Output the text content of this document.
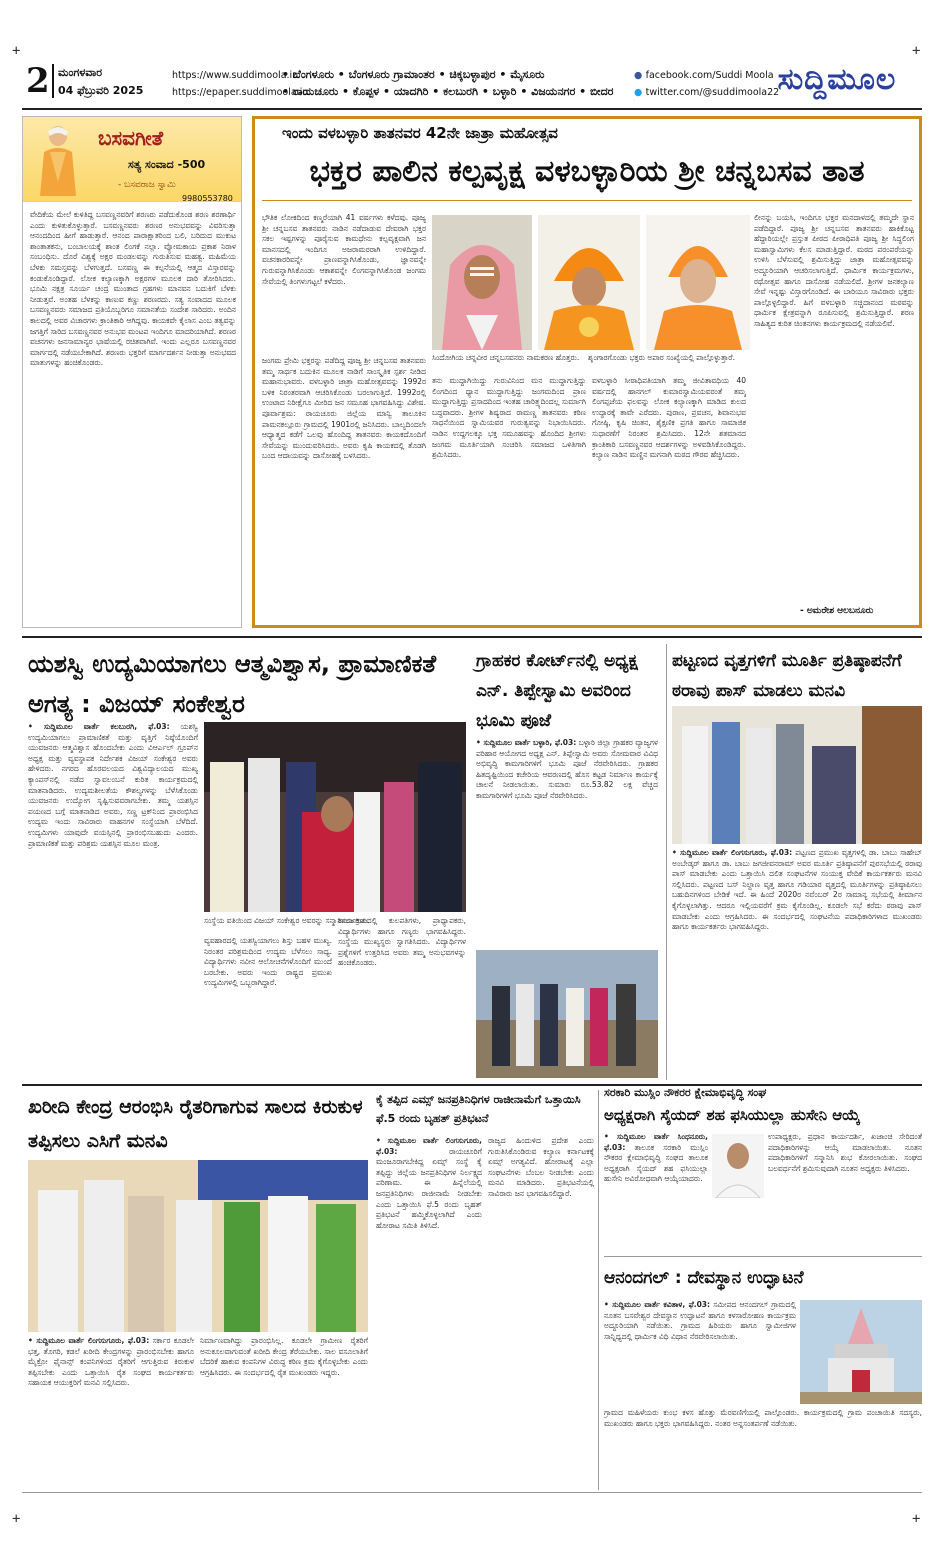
+	+
+	+
2 ಮಂಗಳವಾರ
04 ಫೆಬ್ರುವರಿ 2025
https://www.suddimoola.in
https://epaper.suddimoola.in
• ಬೆಂಗಳೂರು • ಬೆಂಗಳೂರು ಗ್ರಾಮಾಂತರ • ಚಿಕ್ಕಬಳ್ಳಾಪುರ • ಮೈಸೂರು
• ರಾಯಚೂರು • ಕೊಪ್ಪಳ • ಯಾದಗಿರಿ • ಕಲಬುರಗಿ • ಬಳ್ಳಾರಿ • ವಿಜಯನಗರ • ಬೀದರ
● facebook.com/Suddi Moola
● twitter.com/@suddimoola22
ಸುದ್ದಿಮೂಲ
ಬಸವಗೀತೆ
ಸತ್ಯ ಸಂವಾದ -500
- ಬಸವರಾಜ ಸ್ವಾಮಿ
9980553780
ವೇದಿಕೆಯ ಮೇಲೆ ಕುಳಿತಿದ್ದ ಬಸವಣ್ಣನವರಿಗೆ ಶರಣರು ಪಡೆದುಕೊಂಡ ಶರಣ ಶರಣಾರ್ಥಿ ಎಂದು ಕುಳಿತುಕೊಳ್ಳುತ್ತಾರೆ. ಬಸವಣ್ಣನವರು ಶರಣರ ಅನುಭವವನ್ನು ವಿವರಿಸುತ್ತಾ ಆನಂದದಿಂದ ಹೀಗೆ ಹಾಡುತ್ತಾರೆ. ಆನಂದ ಪಾರಾಕ್ಷಾತರಿಂದ ಬಲಿ, ಬರಿದುದ ಮುಕುಟ ಶಾಂತಾತಕನು, ಬಂಬಾಲಯಕ್ಕೆ ಶಾಂತ ಲಿಂಗಕೆ ನಲ್ಲಾ. ವ್ಯೋಮಕಾಯ ಪ್ರಕಾಶ ನಿರಾಳ ಸಂಬಂಧಿಸು. ದೊರೆ ವಿಶ್ವಕ್ಕೆ ಅಕ್ಷರ ಮಂಡಲವನ್ನು ಗುರುತಿಸುವ ಮಹತ್ವ. ಮಹಿಮೆಯ ಬೆಳಕು ಸಮಸ್ತವನ್ನು ಬೆಳಗುತ್ತದೆ. ಬಸವಣ್ಣ ಈ ಕಲ್ಪನೆಯಲ್ಲಿ ಆತ್ಮದ ವಿಸ್ತಾರವನ್ನು ಕಂಡುಕೊಂಡಿದ್ದಾರೆ. ಲೋಕ ಕಲ್ಯಾಣಕ್ಕಾಗಿ ಅಕ್ಷರಗಳ ಮೂಲಕ ದಾರಿ ತೋರಿಸಿದರು. ಭೂಮಿ ನಕ್ಷತ್ರ ಸೂರ್ಯ ಚಂದ್ರ ಮುಂತಾದ ಗ್ರಹಗಳು ಮಾನವನ ಬದುಕಿಗೆ ಬೆಳಕು ನೀಡುತ್ತವೆ. ಅಂತಹ ಬೆಳಕನ್ನು ಕಾಣುವ ಕಣ್ಣು ಶರಣರದು. ಸತ್ಯ ಸಂವಾದದ ಮೂಲಕ ಬಸವಣ್ಣನವರು ಸಮಾಜದ ಪ್ರತಿಯೊಬ್ಬರಿಗೂ ಸಮಾನತೆಯ ಸಂದೇಶ ಸಾರಿದರು. ಅಂದಿನ ಕಾಲದಲ್ಲಿ ಅವರ ವಿಚಾರಗಳು ಕ್ರಾಂತಿಕಾರಿ ಆಗಿದ್ದವು. ಕಾಯಕವೇ ಕೈಲಾಸ ಎಂಬ ತತ್ವವನ್ನು ಜಗತ್ತಿಗೆ ಸಾರಿದ ಬಸವಣ್ಣನವರ ಅನುಭವ ಮಂಟಪ ಇಂದಿಗೂ ಮಾದರಿಯಾಗಿದೆ. ಶರಣರ ವಚನಗಳು ಜನಸಾಮಾನ್ಯರ ಭಾಷೆಯಲ್ಲಿ ರಚಿತವಾಗಿವೆ. ಇಂದು ಎಲ್ಲರೂ ಬಸವಣ್ಣನವರ ಮಾರ್ಗದಲ್ಲಿ ನಡೆಯಬೇಕಾಗಿದೆ. ಶರಣರು ಭಕ್ತರಿಗೆ ಮಾರ್ಗದರ್ಶನ ನೀಡುತ್ತಾ ಅನುಭವದ ಮಾತುಗಳನ್ನು ಹಂಚಿಕೊಂಡರು.
ಇಂದು ವಳಬಳ್ಳಾರಿ ತಾತನವರ 42ನೇ ಜಾತ್ರಾ ಮಹೋತ್ಸವ
ಭಕ್ತರ ಪಾಲಿನ ಕಲ್ಪವೃಕ್ಷ ವಳಬಳ್ಳಾರಿಯ ಶ್ರೀ ಚನ್ನಬಸವ ತಾತ
ಭೌತಿಕ ಲೋಕದಿಂದ ಕಣ್ಮರೆಯಾಗಿ 41 ವರ್ಷಗಳು ಕಳೆದವು. ಪೂಜ್ಯ ಶ್ರೀ ಚನ್ನಬಸವ ತಾತನವರು ನಾಡಿನ ನಡೆದಾಡುವ ದೇವರಾಗಿ ಭಕ್ತರ ಸಕಲ ಇಷ್ಟಗಳನ್ನು ಪೂರೈಸುವ ಕಾಮಧೇನು ಕಲ್ಪವೃಕ್ಷವಾಗಿ ಜನ ಮಾನಸದಲ್ಲಿ ಇಂದಿಗೂ ಅಜರಾಮರರಾಗಿ ಉಳಿದಿದ್ದಾರೆ. ವಚನಕಾರರಿವನ್ನೇ ಪ್ರಾಣವನ್ನಾಗಿಸಿಕೊಂಡು, ಜ್ಞಾನವನ್ನೇ ಗುರುವನ್ನಾಗಿಸಿಕೊಂಡು ಆಕಾಶವನ್ನೇ ಲಿಂಗವನ್ನಾಗಿಸಿಕೊಂಡ ಜಂಗಮ ಸೇವೆಯಲ್ಲಿ ತಿಂಗಳುಗಟ್ಟಲೆ ಕಳೆದರು.
ಸಿಂದೋಗಿಯ ಚನ್ನವೀರ ಚನ್ನಬಸವನರು ನಾಮಕರಣ ಹೊತ್ತರು.	ಶೃಂಗಾರಗೊಂಡು ಭಕ್ತರು ಅಪಾರ ಸಂಖ್ಯೆಯಲ್ಲಿ ಪಾಲ್ಗೊಳ್ಳುತ್ತಾರೆ.
ಜಂಗಮ ಪ್ರೇಮಿ ಭಕ್ತರನ್ನು ಪಡೆದಿದ್ದ ಪೂಜ್ಯ ಶ್ರೀ ಚನ್ನಬಸವ ತಾತನವರು ತಮ್ಮ ಸಾರ್ಥಕ ಬದುಕಿನ ಮೂಲಕ ನಾಡಿಗೆ ಸಾಂಸ್ಕೃತಿಕ ಸ್ಪರ್ಶ ನೀಡಿದ ಮಹಾನುಭಾವರು. ವಳಬಳ್ಳಾರಿ ಜಾತ್ರಾ ಮಹೋತ್ಸವವನ್ನು 1992ರ ಬಳಿಕ ನಿರಂತರವಾಗಿ ಆಚರಿಸಿಕೊಂಡು ಬರಲಾಗುತ್ತಿದೆ. 1992ರಲ್ಲಿ ಉಂಟಾದ ನಿರೀಕ್ಷೆಗೂ ಮೀರಿದ ಜನ ಸಮೂಹ ಭಾಗವಹಿಸಿದ್ದು ವಿಶೇಷ. ಪೂರ್ವಾಶ್ರಮ: ರಾಯಚೂರು ಜಿಲ್ಲೆಯ ಮಾನ್ವಿ ತಾಲೂಕಿನ ಪಾಮನಕಲ್ಲೂರು ಗ್ರಾಮದಲ್ಲಿ 1901ರಲ್ಲಿ ಜನಿಸಿದರು. ಬಾಲ್ಯದಿಂದಲೇ ಆಧ್ಯಾತ್ಮದ ಕಡೆಗೆ ಒಲವು ಹೊಂದಿದ್ದ ತಾತನವರು ಕಾಯಕದೊಂದಿಗೆ ಸೇವೆಯನ್ನು ಮುಂದುವರಿಸಿದರು. ಅವರು ಕೃಷಿ ಕಾಯಕದಲ್ಲಿ ತೊಡಗಿ ಬಂದ ಆದಾಯವನ್ನು ದಾಸೋಹಕ್ಕೆ ಬಳಸಿದರು.
ತನು ಮುದ್ದಾಗಿಯಿದ್ದು ಗುರುವಿನಿಂದ ಮನ ಮುದ್ದಾಗುತ್ತಿದ್ದು ಲಿಂಗದಿಂದ ಧ್ಯಾನ ಮುದ್ದಾಗುತ್ತಿದ್ದು ಜಂಗಮದಿಂದ ಪ್ರಾಣ ಮುದ್ದಾಗುತ್ತಿದ್ದು ಪ್ರಸಾದದಿಂದ ಇಂತಹ ಚಾರಿತ್ರ್ಯದಿಂದಲ್ಲ ಸುರ್ಮಾಗಿ ಬದ್ಧವಾದರು. ಶ್ರೀಗಳ ಶಿಷ್ಯರಾದ ರಾಮಣ್ಣ ತಾತನವರು ಕಠಿಣ ಸಾಧನೆಯಿಂದ ಸ್ವಾಮಿಯವರ ಗುರುತ್ವವನ್ನು ನಿಭಾಯಿಸಿದರು. ನಾಡಿನ ಉದ್ದಗಲಕ್ಕೂ ಭಕ್ತ ಸಮೂಹವನ್ನು ಹೊಂದಿದ ಶ್ರೀಗಳು ಜಂಗಮ ಮೂರ್ತಿಯಾಗಿ ಸಂಚರಿಸಿ ಸಮಾಜದ ಒಳಿತಿಗಾಗಿ ಶ್ರಮಿಸಿದರು.
ವಳಬಳ್ಳಾರಿ ಸೀಠಾಧಿಪತಿಯಾಗಿ ತಮ್ಮ ಜೀವಿತಾವಧಿಯ 40 ವರ್ಷದಲ್ಲಿ ಹಾನಗಲ್ ಕುಮಾರಸ್ವಾಮಿಯವರಂತೆ ತಮ್ಮ ಲಿಂಗಪ್ಪಜೆಯ ಫಲವನ್ನು ಲೋಕ ಕಲ್ಯಾಣಕ್ಕಾಗಿ ಮಾಡಿದ ಕುಲದ ಉದ್ಧಾರಕ್ಕೆ ತಾವೇ ಎರೆದರು. ಪುರಾಣ, ಪ್ರವಚನ, ಶಿವಾನುಭವ ಗೋಷ್ಠಿ, ಕೃಷಿ ಚಿಂತನ, ಶೈಕ್ಷಣಿಕ ಪ್ರಗತಿ ಹಾಗೂ ಸಾಮಾಜಿಕ ಸುಧಾರಣೆಗೆ ನಿರಂತರ ಶ್ರಮಿಸಿದರು. 12ನೇ ಶತಮಾನದ ಕ್ರಾಂತಿಕಾರಿ ಬಸವಣ್ಣನವರ ಆದರ್ಶಗಳನ್ನು ಅಳವಡಿಸಿಕೊಂಡಿದ್ದರು. ಕಲ್ಯಾಣ ನಾಡಿನ ಮಣ್ಣಿನ ಮಗನಾಗಿ ಮಠದ ಗೌರವ ಹೆಚ್ಚಿಸಿದರು.
ಲೀನನ್ನು ಬಯಸಿ, ಇಂದಿಗೂ ಭಕ್ತರ ಮನದಾಳದಲ್ಲಿ ತಮ್ಮದೇ ಸ್ಥಾನ ಪಡೆದಿದ್ದಾರೆ. ಪೂಜ್ಯ ಶ್ರೀ ಚನ್ನಬಸವ ತಾತನವರು ಹಾಕಿಕೊಟ್ಟ ಹೆದ್ದಾರಿಯಲ್ಲೇ ಪ್ರಸ್ತುತ ಪೀಠದ ಪೀಠಾಧಿಪತಿ ಪೂಜ್ಯ ಶ್ರೀ ಸಿದ್ಧಲಿಂಗ ಮಹಾಸ್ವಾಮಿಗಳು ಕೆಲಸ ಮಾಡುತ್ತಿದ್ದಾರೆ. ಮಠದ ಪರಂಪರೆಯನ್ನು ಉಳಿಸಿ ಬೆಳೆಸುವಲ್ಲಿ ಶ್ರಮಿಸುತ್ತಿದ್ದು ಜಾತ್ರಾ ಮಹೋತ್ಸವವನ್ನು ಅದ್ದೂರಿಯಾಗಿ ಆಚರಿಸಲಾಗುತ್ತಿದೆ. ಧಾರ್ಮಿಕ ಕಾರ್ಯಕ್ರಮಗಳು, ರಥೋತ್ಸವ ಹಾಗೂ ದಾಸೋಹ ನಡೆಯಲಿದೆ. ಶ್ರೀಗಳ ಜನಕಲ್ಯಾಣ ಸೇವೆ ಇನ್ನಷ್ಟು ವಿಸ್ತಾರಗೊಂಡಿದೆ. ಈ ಬಾರಿಯೂ ಸಾವಿರಾರು ಭಕ್ತರು ಪಾಲ್ಗೊಳ್ಳಲಿದ್ದಾರೆ. ಹಿಗೆ ವಳಬಳ್ಳಾರಿ ಸಚ್ಚಿದಾನಂದ ಮಠವನ್ನು ಧಾರ್ಮಿಕ ಕ್ಷೇತ್ರವನ್ನಾಗಿ ರೂಪಿಸುವಲ್ಲಿ ಶ್ರಮಿಸುತ್ತಿದ್ದಾರೆ. ಶರಣ ಸಾಹಿತ್ಯದ ಕುರಿತ ಚಿಂತನಗಳು ಕಾರ್ಯಕ್ರಮದಲ್ಲಿ ನಡೆಯಲಿವೆ.
- ಅಮರೇಶ ಆಲಬನೂರು
ಯಶಸ್ವಿ ಉದ್ಯಮಿಯಾಗಲು ಆತ್ಮವಿಶ್ವಾಸ, ಪ್ರಾಮಾಣಿಕತೆ ಅಗತ್ಯ : ವಿಜಯ್ ಸಂಕೇಶ್ವರ
• ಸುದ್ದಿಮೂಲ ವಾರ್ತೆ ಕಲಬುರಗಿ, ಫೆ.03: ಯಶಸ್ವಿ ಉದ್ಯಮಿಯಾಗಲು ಪ್ರಾಮಾಣಿಕತೆ ಮತ್ತು ವೃತ್ತಿಗೆ ನಿಷ್ಠೆಯೊಂದಿಗೆ ಯುವಜನರು ಆತ್ಮವಿಶ್ವಾಸ ಹೊಂದಬೇಕು ಎಂದು ವಿಆರ್ಎಲ್ ಗ್ರೂಪ್‌ನ ಅಧ್ಯಕ್ಷ ಮತ್ತು ವ್ಯವಸ್ಥಾಪಕ ನಿರ್ದೇಶಕ ವಿಜಯ್ ಸಂಕೇಶ್ವರ ಅವರು ಹೇಳಿದರು. ನಗರದ ಹೊರವಲಯದ ವಿಶ್ವವಿದ್ಯಾಲಯದ ಮುಖ್ಯ ಕ್ಯಾಂಪಸ್‌ನಲ್ಲಿ ನಡೆದ ಸ್ವಾವಲಂಬನೆ ಕುರಿತ ಕಾರ್ಯಕ್ರಮದಲ್ಲಿ ಮಾತನಾಡಿದರು. ಉದ್ಯಮಶೀಲತೆಯ ಕೌಶಲ್ಯಗಳನ್ನು ಬೆಳೆಸಿಕೊಂಡು ಯುವಜನರು ಉದ್ಯೋಗ ಸೃಷ್ಟಿಸುವವರಾಗಬೇಕು. ತಮ್ಮ ಯಶಸ್ಸಿನ ಪಯಣದ ಬಗ್ಗೆ ಮಾತನಾಡಿದ ಅವರು, ಸಣ್ಣ ಟ್ರಕ್‌ನಿಂದ ಪ್ರಾರಂಭಿಸಿದ ಉದ್ಯಮ ಇಂದು ಸಾವಿರಾರು ವಾಹನಗಳ ಸಂಸ್ಥೆಯಾಗಿ ಬೆಳೆದಿದೆ. ಉದ್ಯಮಿಗಳು ಯಾವುದೇ ವಯಸ್ಸಿನಲ್ಲಿ ಪ್ರಾರಂಭಿಸಬಹುದು ಎಂದರು. ಪ್ರಾಮಾಣಿಕತೆ ಮತ್ತು ಪರಿಶ್ರಮ ಯಶಸ್ಸಿನ ಮೂಲ ಮಂತ್ರ.
ಸಂಸ್ಥೆಯ ವತಿಯಿಂದ ವಿಜಯ್ ಸಂಕೇಶ್ವರ ಅವರನ್ನು ಸನ್ಮಾನಿಸಲಾಯಿತು.
ವ್ಯವಹಾರದಲ್ಲಿ ಯಶಸ್ವಿಯಾಗಲು ಶಿಸ್ತು ಬಹಳ ಮುಖ್ಯ. ನಿರಂತರ ಪರಿಶ್ರಮದಿಂದ ಉದ್ಯಮ ಬೆಳೆಸಲು ಸಾಧ್ಯ. ವಿದ್ಯಾರ್ಥಿಗಳು ನವೀನ ಆಲೋಚನೆಗಳೊಂದಿಗೆ ಮುಂದೆ ಬರಬೇಕು. ಅವರು ಇಂದು ರಾಷ್ಟ್ರದ ಪ್ರಮುಖ ಉದ್ಯಮಿಗಳಲ್ಲಿ ಒಬ್ಬರಾಗಿದ್ದಾರೆ.
ಕಾರ್ಯಕ್ರಮದಲ್ಲಿ ಕುಲಪತಿಗಳು, ಪ್ರಾಧ್ಯಾಪಕರು, ವಿದ್ಯಾರ್ಥಿಗಳು ಹಾಗೂ ಗಣ್ಯರು ಭಾಗವಹಿಸಿದ್ದರು. ಸಂಸ್ಥೆಯ ಮುಖ್ಯಸ್ಥರು ಸ್ವಾಗತಿಸಿದರು. ವಿದ್ಯಾರ್ಥಿಗಳ ಪ್ರಶ್ನೆಗಳಿಗೆ ಉತ್ತರಿಸಿದ ಅವರು ತಮ್ಮ ಅನುಭವಗಳನ್ನು ಹಂಚಿಕೊಂಡರು.
ಗ್ರಾಹಕರ ಕೋರ್ಟ್‌ನಲ್ಲಿ ಅಧ್ಯಕ್ಷ ಎನ್. ತಿಪ್ಪೇಸ್ವಾಮಿ ಅವರಿಂದ ಭೂಮಿ ಪೂಜೆ
• ಸುದ್ದಿಮೂಲ ವಾರ್ತೆ ಬಳ್ಳಾರಿ, ಫೆ.03: ಬಳ್ಳಾರಿ ಜಿಲ್ಲಾ ಗ್ರಾಹಕರ ವ್ಯಾಜ್ಯಗಳ ಪರಿಹಾರ ಆಯೋಗದ ಅಧ್ಯಕ್ಷ ಎನ್. ತಿಪ್ಪೇಸ್ವಾಮಿ ಅವರು ಸೋಮವಾರ ವಿವಿಧ ಅಭಿವೃದ್ಧಿ ಕಾಮಗಾರಿಗಳಿಗೆ ಭೂಮಿ ಪೂಜೆ ನೆರವೇರಿಸಿದರು. ಗ್ರಾಹಕರ ಹಿತದೃಷ್ಟಿಯಿಂದ ಕಚೇರಿಯ ಆವರಣದಲ್ಲಿ ಹೊಸ ಕಟ್ಟಡ ನಿರ್ಮಾಣ ಕಾರ್ಯಕ್ಕೆ ಚಾಲನೆ ನೀಡಲಾಯಿತು. ಸುಮಾರು ರೂ.53.82 ಲಕ್ಷ ವೆಚ್ಚದ ಕಾಮಗಾರಿಗಳಿಗೆ ಭೂಮಿ ಪೂಜೆ ನೆರವೇರಿಸಿದರು.
ಪಟ್ಟಣದ ವೃತ್ತಗಳಿಗೆ ಮೂರ್ತಿ ಪ್ರತಿಷ್ಠಾಪನೆಗೆ ಠರಾವು ಪಾಸ್ ಮಾಡಲು ಮನವಿ
• ಸುದ್ದಿಮೂಲ ವಾರ್ತೆ ಲಿಂಗಸುಗೂರು, ಫೆ.03: ಪಟ್ಟಣದ ಪ್ರಮುಖ ವೃತ್ತಗಳಲ್ಲಿ ಡಾ. ಬಾಬು ಸಾಹೇಬ್ ಅಂಬೇಡ್ಕರ್ ಹಾಗೂ ಡಾ. ಬಾಬು ಜಗಜೀವನರಾಮ್ ಅವರ ಮೂರ್ತಿ ಪ್ರತಿಷ್ಠಾಪನೆಗೆ ಪುರಸಭೆಯಲ್ಲಿ ಠರಾವು ಪಾಸ್ ಮಾಡಬೇಕು ಎಂದು ಒತ್ತಾಯಿಸಿ ದಲಿತ ಸಂಘಟನೆಗಳ ಸಂಯುಕ್ತ ವೇದಿಕೆ ಕಾರ್ಯಕರ್ತರು ಮನವಿ ಸಲ್ಲಿಸಿದರು. ಪಟ್ಟಣದ ಬಸ್ ನಿಲ್ದಾಣ ವೃತ್ತ ಹಾಗೂ ಗಡಿಯಾರ ವೃತ್ತದಲ್ಲಿ ಮೂರ್ತಿಗಳನ್ನು ಪ್ರತಿಷ್ಠಾಪಿಸಲು ಬಹುದಿನಗಳಿಂದ ಬೇಡಿಕೆ ಇದೆ. ಈ ಹಿಂದೆ 2020ರ ನವೆಂಬರ್ 2ರ ಸಾಮಾನ್ಯ ಸಭೆಯಲ್ಲಿ ತೀರ್ಮಾನ ಕೈಗೊಳ್ಳಲಾಗಿತ್ತು. ಆದರೂ ಇಲ್ಲಿಯವರೆಗೆ ಕ್ರಮ ಕೈಗೊಂಡಿಲ್ಲ. ಕೂಡಲೇ ಸಭೆ ಕರೆದು ಠರಾವು ಪಾಸ್ ಮಾಡಬೇಕು ಎಂದು ಆಗ್ರಹಿಸಿದರು. ಈ ಸಂದರ್ಭದಲ್ಲಿ ಸಂಘಟನೆಯ ಪದಾಧಿಕಾರಿಗಳಾದ ಮುಖಂಡರು ಹಾಗೂ ಕಾರ್ಯಕರ್ತರು ಭಾಗವಹಿಸಿದ್ದರು.
ಖರೀದಿ ಕೇಂದ್ರ ಆರಂಭಿಸಿ ರೈತರಿಗಾಗುವ ಸಾಲದ ಕಿರುಕುಳ ತಪ್ಪಿಸಲು ಎಸಿಗೆ ಮನವಿ
• ಸುದ್ದಿಮೂಲ ವಾರ್ತೆ ಲಿಂಗಸುಗೂರು, ಫೆ.03: ಸರ್ಕಾರ ಕೂಡಲೇ ಭತ್ತ, ತೊಗರಿ, ಕಡಲೆ ಖರೀದಿ ಕೇಂದ್ರಗಳನ್ನು ಪ್ರಾರಂಭಿಸಬೇಕು ಹಾಗೂ ಮೈಕ್ರೋ ಫೈನಾನ್ಸ್ ಕಂಪನಿಗಳಿಂದ ರೈತರಿಗೆ ಆಗುತ್ತಿರುವ ಕಿರುಕುಳ ತಪ್ಪಿಸಬೇಕು ಎಂದು ಒತ್ತಾಯಿಸಿ ರೈತ ಸಂಘದ ಕಾರ್ಯಕರ್ತರು ಸಹಾಯಕ ಆಯುಕ್ತರಿಗೆ ಮನವಿ ಸಲ್ಲಿಸಿದರು.
ನಿರ್ಮಾಣವಾಗಿದ್ದು ಪ್ರಾರಂಭಿಸಿಲ್ಲ. ಕೂಡಲೇ ಗ್ರಾಮೀಣ ರೈತರಿಗೆ ಅನುಕೂಲವಾಗುವಂತೆ ಖರೀದಿ ಕೇಂದ್ರ ತೆರೆಯಬೇಕು. ಸಾಲ ವಸೂಲಾತಿಗೆ ಬೆದರಿಕೆ ಹಾಕುವ ಕಂಪನಿಗಳ ವಿರುದ್ಧ ಕಠಿಣ ಕ್ರಮ ಕೈಗೊಳ್ಳಬೇಕು ಎಂದು ಆಗ್ರಹಿಸಿದರು. ಈ ಸಂದರ್ಭದಲ್ಲಿ ರೈತ ಮುಖಂಡರು ಇದ್ದರು.
ಕೈ ತಪ್ಪಿದ ಎಮ್ಸ್ ಜನಪ್ರತಿನಿಧಿಗಳ ರಾಜೀನಾಮೆಗೆ ಒತ್ತಾಯಿಸಿ ಫೆ.5 ರಂದು ಬೃಹತ್ ಪ್ರತಿಭಟನೆ
• ಸುದ್ದಿಮೂಲ ವಾರ್ತೆ ಲಿಂಗಸುಗೂರು, ಫೆ.03:	ರಾಯಚೂರಿಗೆ ಮಂಜೂರಾಗಬೇಕಿದ್ದ ಏಮ್ಸ್ ಸಂಸ್ಥೆ ಕೈ ತಪ್ಪಿದ್ದು ಜಿಲ್ಲೆಯ ಜನಪ್ರತಿನಿಧಿಗಳ ನಿರ್ಲಕ್ಷ್ಯದ ಪರಿಣಾಮ. ಈ ಹಿನ್ನೆಲೆಯಲ್ಲಿ ಜನಪ್ರತಿನಿಧಿಗಳು ರಾಜೀನಾಮೆ ನೀಡಬೇಕು ಎಂದು ಒತ್ತಾಯಿಸಿ ಫೆ.5 ರಂದು ಬೃಹತ್ ಪ್ರತಿಭಟನೆ ಹಮ್ಮಿಕೊಳ್ಳಲಾಗಿದೆ ಎಂದು ಹೋರಾಟ ಸಮಿತಿ ತಿಳಿಸಿದೆ.
ರಾಜ್ಯದ ಹಿಂದುಳಿದ ಪ್ರದೇಶ ಎಂದು ಗುರುತಿಸಿಕೊಂಡಿರುವ ಕಲ್ಯಾಣ ಕರ್ನಾಟಕಕ್ಕೆ ಏಮ್ಸ್ ಅಗತ್ಯವಿದೆ. ಹೋರಾಟಕ್ಕೆ ಎಲ್ಲಾ ಸಂಘಟನೆಗಳು ಬೆಂಬಲ ನೀಡಬೇಕು ಎಂದು ಮನವಿ ಮಾಡಿದರು. ಪ್ರತಿಭಟನೆಯಲ್ಲಿ ಸಾವಿರಾರು ಜನ ಭಾಗವಹಿಸಲಿದ್ದಾರೆ.
ಸರಕಾರಿ ಮುಸ್ಲಿಂ ನೌಕರರ ಕ್ಷೇಮಾಭಿವೃದ್ಧಿ ಸಂಘ
ಅಧ್ಯಕ್ಷರಾಗಿ ಸೈಯದ್ ಶಹ ಫಸಿಯುಲ್ಲಾ ಹುಸೇನಿ ಆಯ್ಕೆ
• ಸುದ್ದಿಮೂಲ ವಾರ್ತೆ ಸಿಂಧನೂರು, ಫೆ.03: ತಾಲೂಕ ಸರಕಾರಿ ಮುಸ್ಲಿಂ ನೌಕರರ ಕ್ಷೇಮಾಭಿವೃದ್ಧಿ ಸಂಘದ ತಾಲೂಕ ಅಧ್ಯಕ್ಷರಾಗಿ ಸೈಯದ್ ಶಹ ಫಸಿಯುಲ್ಲಾ ಹುಸೇನಿ ಅವಿರೋಧವಾಗಿ ಆಯ್ಕೆಯಾದರು.
ಉಪಾಧ್ಯಕ್ಷರು, ಪ್ರಧಾನ ಕಾರ್ಯದರ್ಶಿ, ಖಜಾಂಚಿ ಸೇರಿದಂತೆ ಪದಾಧಿಕಾರಿಗಳನ್ನು ಆಯ್ಕೆ ಮಾಡಲಾಯಿತು. ನೂತನ ಪದಾಧಿಕಾರಿಗಳಿಗೆ ಸನ್ಮಾನಿಸಿ ಶುಭ ಕೋರಲಾಯಿತು. ಸಂಘದ ಬಲವರ್ಧನೆಗೆ ಶ್ರಮಿಸುವುದಾಗಿ ನೂತನ ಅಧ್ಯಕ್ಷರು ತಿಳಿಸಿದರು.
ಆನಂದಗಲ್ : ದೇವಸ್ಥಾನ ಉದ್ಘಾಟನೆ
• ಸುದ್ದಿಮೂಲ ವಾರ್ತೆ ಕವಿತಾಳ, ಫೆ.03: ಸಮೀಪದ ಆನಂದಗಲ್ ಗ್ರಾಮದಲ್ಲಿ ನೂತನ ಬಸವೇಶ್ವರ ದೇವಸ್ಥಾನ ಉದ್ಘಾಟನೆ ಹಾಗೂ ಕಳಸಾರೋಹಣ ಕಾರ್ಯಕ್ರಮ ಅದ್ದೂರಿಯಾಗಿ ನಡೆಯಿತು. ಗ್ರಾಮದ ಹಿರಿಯರು ಹಾಗೂ ಸ್ವಾಮೀಜಿಗಳ ಸಾನ್ನಿಧ್ಯದಲ್ಲಿ ಧಾರ್ಮಿಕ ವಿಧಿ ವಿಧಾನ ನೆರವೇರಿಸಲಾಯಿತು.
ಗ್ರಾಮದ ಮಹಿಳೆಯರು ಕುಂಭ ಕಳಸ ಹೊತ್ತು ಮೆರವಣಿಗೆಯಲ್ಲಿ ಪಾಲ್ಗೊಂಡರು. ಕಾರ್ಯಕ್ರಮದಲ್ಲಿ ಗ್ರಾಮ ಪಂಚಾಯಿತಿ ಸದಸ್ಯರು, ಮುಖಂಡರು ಹಾಗೂ ಭಕ್ತರು ಭಾಗವಹಿಸಿದ್ದರು. ನಂತರ ಅನ್ನಸಂತರ್ಪಣೆ ನಡೆಯಿತು.
